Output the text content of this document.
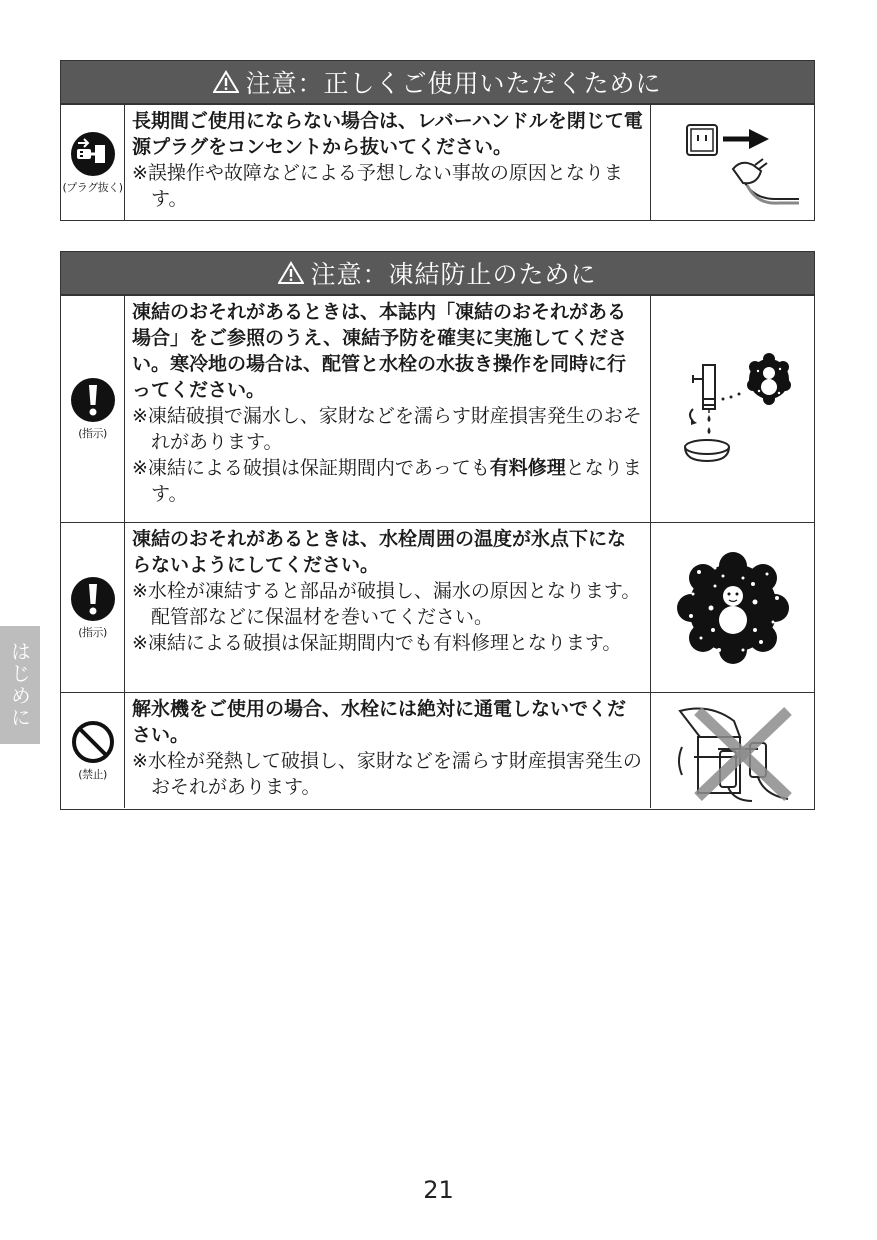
注意：正しくご使用いただくために
(プラグ抜く)
長期間ご使用にならない場合は、レバーハンドルを閉じて電源プラグをコンセントから抜いてください。
※誤操作や故障などによる予想しない事故の原因となります。
注意：凍結防止のために
(指示)
凍結のおそれがあるときは、本誌内「凍結のおそれがある場合」をご参照のうえ、凍結予防を確実に実施してください。寒冷地の場合は、配管と水栓の水抜き操作を同時に行ってください。
※凍結破損で漏水し、家財などを濡らす財産損害発生のおそれがあります。
※凍結による破損は保証期間内であっても有料修理となります。
(指示)
凍結のおそれがあるときは、水栓周囲の温度が氷点下にならないようにしてください。
※水栓が凍結すると部品が破損し、漏水の原因となります。配管部などに保温材を巻いてください。
※凍結による破損は保証期間内でも有料修理となります。
(禁止)
解氷機をご使用の場合、水栓には絶対に通電しないでください。
※水栓が発熱して破損し、家財などを濡らす財産損害発生のおそれがあります。
はじめに
21
